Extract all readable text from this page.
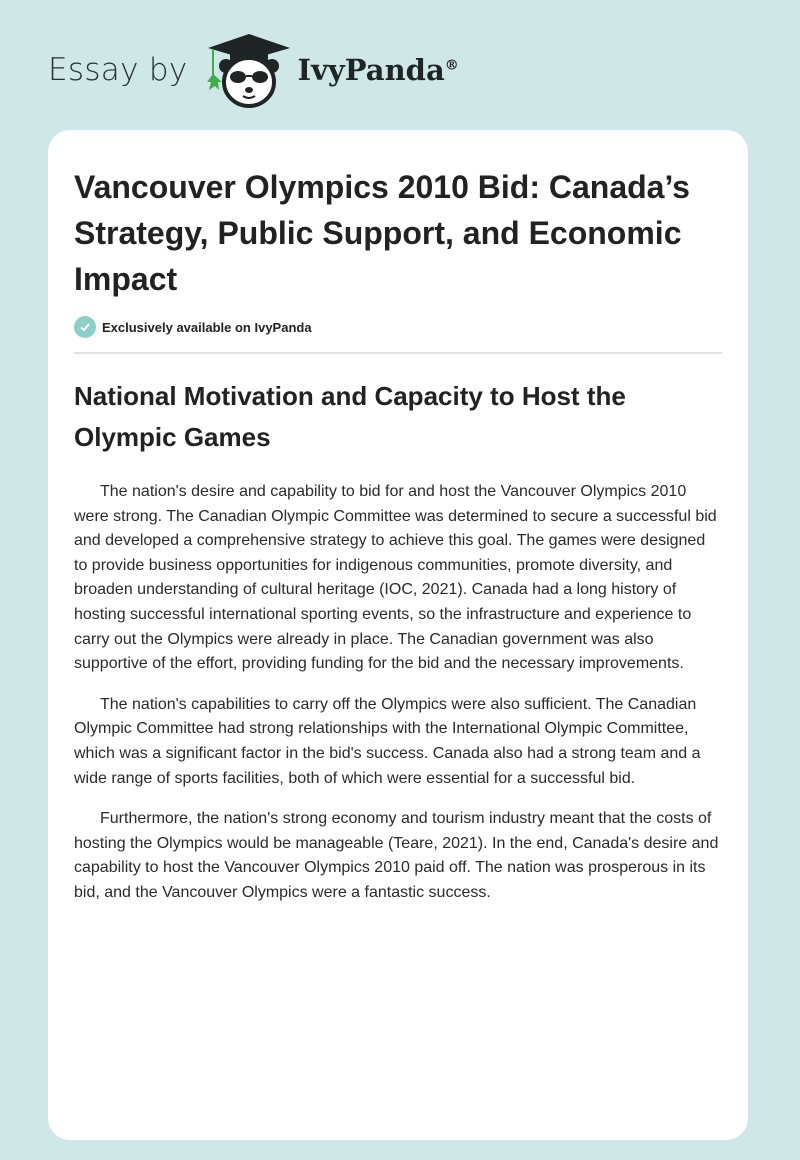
Essay by	IvyPanda®
Vancouver Olympics 2010 Bid: Canada’s Strategy, Public Support, and Economic Impact
Exclusively available on IvyPanda
National Motivation and Capacity to Host the Olympic Games

The nation's desire and capability to bid for and host the Vancouver Olympics 2010 were strong. The Canadian Olympic Committee was determined to secure a successful bid and developed a comprehensive strategy to achieve this goal. The games were designed to provide business opportunities for indigenous communities, promote diversity, and broaden understanding of cultural heritage (IOC, 2021). Canada had a long history of hosting successful international sporting events, so the infrastructure and experience to carry out the Olympics were already in place. The Canadian government was also supportive of the effort, providing funding for the bid and the necessary improvements.

The nation's capabilities to carry off the Olympics were also sufficient. The Canadian Olympic Committee had strong relationships with the International Olympic Committee, which was a significant factor in the bid's success. Canada also had a strong team and a wide range of sports facilities, both of which were essential for a successful bid.

Furthermore, the nation's strong economy and tourism industry meant that the costs of hosting the Olympics would be manageable (Teare, 2021). In the end, Canada's desire and capability to host the Vancouver Olympics 2010 paid off. The nation was prosperous in its bid, and the Vancouver Olympics were a fantastic success.
